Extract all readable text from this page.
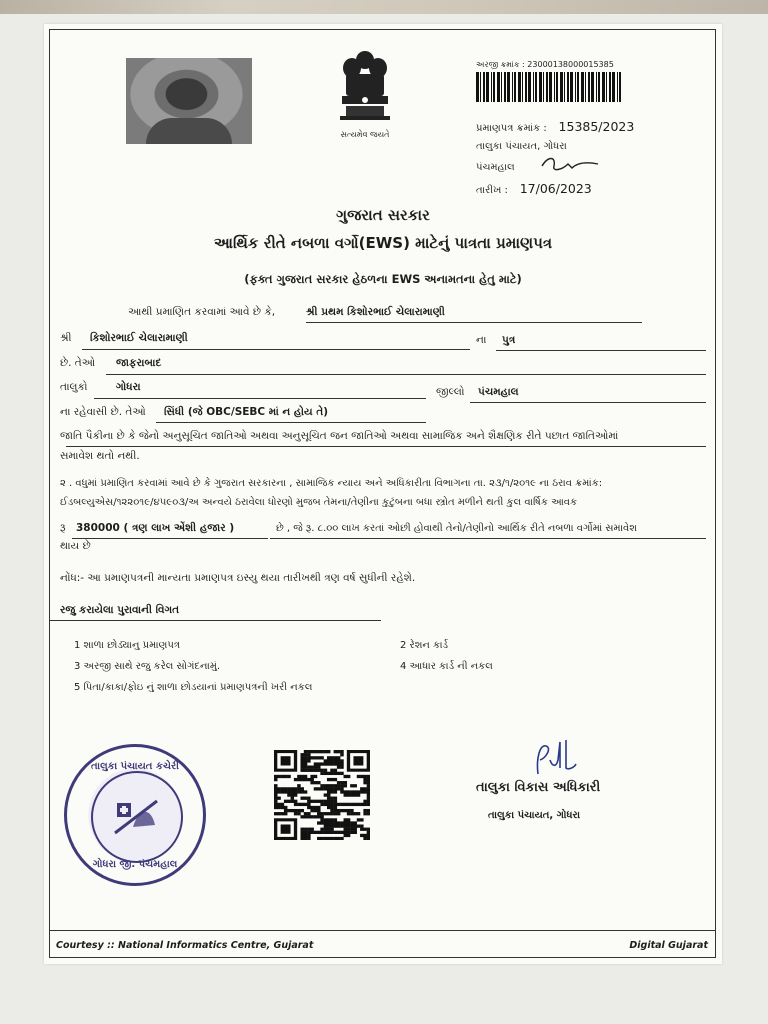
સત્યમેવ જયતે
અરજી ક્રમાંક : 23000138000015385
પ્રમાણપત્ર ક્રમાંક : 15385/2023
તાલુકા પંચાયત, ગોધરા
પંચમહાલ
તારીખ : 17/06/2023
ગુજરાત સરકાર
આર્થિક રીતે નબળા વર્ગો(EWS) માટેનું પાત્રતા પ્રમાણપત્ર
(ફક્ત ગુજરાત સરકાર હેઠળના EWS અનામતના હેતુ માટે)
આથી પ્રમાણિત કરવામાં આવે છે કે,	શ્રી પ્રથમ કિશોરભાઈ ચેલારામાણી
શ્રી કિશોરભાઈ ચેલારામાણી	ના પુત્ર
છે. તેઓ જાફરાબાદ
તાલુકો	ગોધરા	જીલ્લો પંચમહાલ
ના રહેવાસી છે. તેઓ સિંધી (જે OBC/SEBC માં ન હોય તે)
જાતિ પૈકીના છે કે જેનો અનુસૂચિત જાતિઓ અથવા અનુસૂચિત જન જાતિઓ અથવા સામાજિક અને શૈક્ષણિક રીતે પછાત જાતિઓમાં
સમાવેશ થતો નથી.
૨ . વધુમાં પ્રમાણિત કરવામાં આવે છે કે ગુજરાત સરકારના , સામાજિક ન્યાય અને અધિકારીતા વિભાગના તા. ૨૩/૧/૨૦૧૯ ના ઠરાવ ક્રમાંક:
ઈડબલ્યુએસ/૧૨૨૦૧૯/૪૫૯૦૩/અ અન્વયે ઠરાવેલા ધોરણો મુજબ તેમના/તેણીના કુટુંબના બધા સ્ત્રોત મળીને થતી કુલ વાર્ષિક આવક
રૂ 380000 ( ત્રણ લાખ એંશી હજાર )	છે , જે રૂ. ૮.૦૦ લાખ કરતાં ઓછી હોવાથી તેનો/તેણીનો આર્થિક રીતે નબળા વર્ગોમાં સમાવેશ
થાય છે
નોંધ:- આ પ્રમાણપત્રની માન્યતા પ્રમાણપત્ર ઇસ્યુ થયા તારીખથી ત્રણ વર્ષ સુધીની રહેશે.
રજુ કરાયેલા પુરાવાની વિગત
1 શાળા છોડ્યાનુ પ્રમાણપત્ર	2 રેશન કાર્ડ
3 અરજી સાથે રજુ કરેલ સોગંદનામું.	4 આધાર કાર્ડ ની નકલ
5 પિતા/કાકા/ફોઇ નું શાળા છોડયાનાં પ્રમાણપત્રની ખરી નકલ
તાલુકા પંચાયત કચેરી
ગોધરા જી. પંચમહાલ
તાલુકા વિકાસ અધિકારી
તાલુકા પંચાયત, ગોધરા
Courtesy :: National Informatics Centre, Gujarat	Digital Gujarat
